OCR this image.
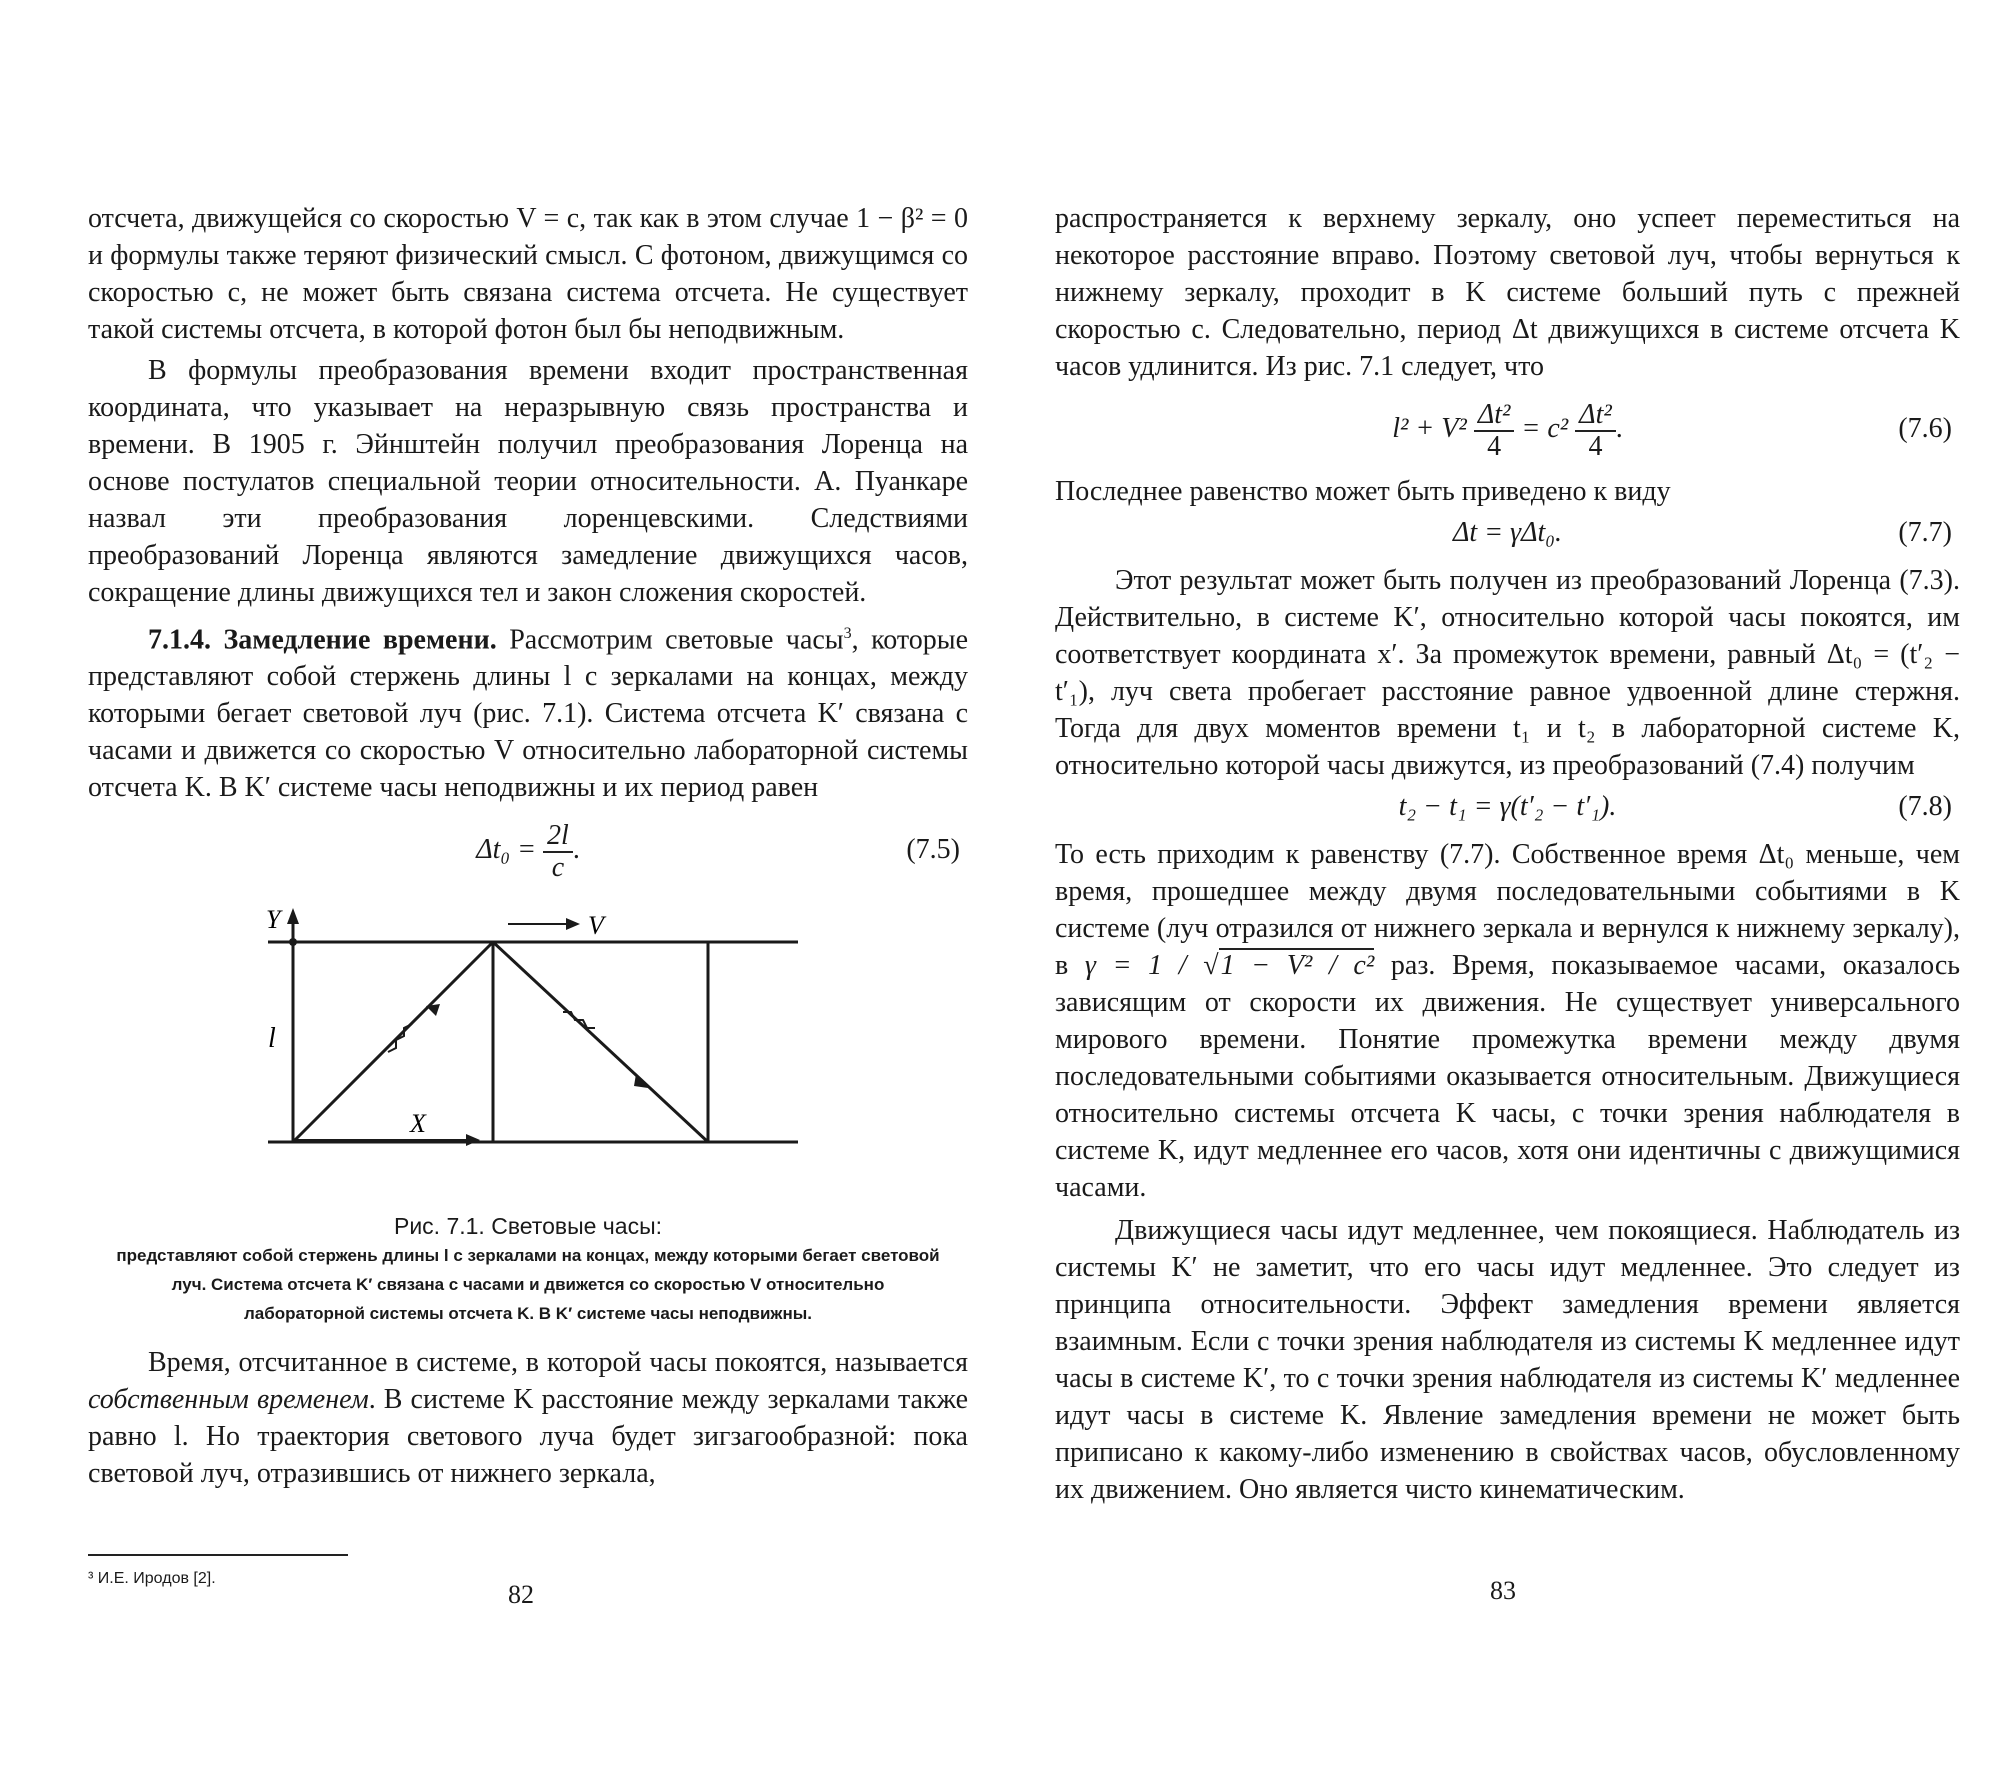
отсчета, движущейся со скоростью V = c, так как в этом случае 1 − β² = 0 и формулы также теряют физический смысл. С фотоном, движущимся со скоростью c, не может быть связана система отсчета. Не существует такой системы отсчета, в которой фотон был бы неподвижным.

В формулы преобразования времени входит пространственная координата, что указывает на неразрывную связь пространства и времени. В 1905 г. Эйнштейн получил преобразования Лоренца на основе постулатов специальной теории относительности. А. Пуанкаре назвал эти преобразования лоренцевскими. Следствиями преобразований Лоренца являются замедление движущихся часов, сокращение длины движущихся тел и закон сложения скоростей.

7.1.4. Замедление времени. Рассмотрим световые часы$^3$, которые представляют собой стержень длины l с зеркалами на концах, между которыми бегает световой луч (рис. 7.1). Система отсчета K′ связана с часами и движется со скоростью V относительно лабораторной системы отсчета K. В K′ системе часы неподвижны и их период равен

$\Delta t_0 = \frac{2l}{c}$ .	(7.5)
Y	V
l
X
Рис. 7.1. Световые часы:
представляют собой стержень длины l с зеркалами на концах, между которыми бегает световой луч. Система отсчета K′ связана с часами и движется со скоростью V относительно лабораторной системы отсчета K. В K′ системе часы неподвижны.

Время, отсчитанное в системе, в которой часы покоятся, называется собственным временем. В системе K расстояние между зеркалами также равно l. Но траектория светового луча будет зигзагообразной: пока световой луч, отразившись от нижнего зеркала,

³ И.Е. Иродов [2].
82

распространяется к верхнему зеркалу, оно успеет переместиться на некоторое расстояние вправо. Поэтому световой луч, чтобы вернуться к нижнему зеркалу, проходит в K системе больший путь с прежней скоростью c. Следовательно, период Δt движущихся в системе отсчета K часов удлинится. Из рис. 7.1 следует, что

$l^2 + V^2 \frac{\text{Δt²}}{4} = c^2 \frac{\text{Δt²}}{4}$ .	(7.6)

Последнее равенство может быть приведено к виду

Δt = γΔt₀.	(7.7)

Этот результат может быть получен из преобразований Лоренца (7.3). Действительно, в системе K′, относительно которой часы покоятся, им соответствует координата x′. За промежуток времени, равный Δt₀ = (t′₂ − t′₁), луч света пробегает расстояние равное удвоенной длине стержня. Тогда для двух моментов времени t₁ и t₂ в лабораторной системе K, относительно которой часы движутся, из преобразований (7.4) получим

t₂ − t₁ = γ(t′₂ − t′₁).	(7.8)

То есть приходим к равенству (7.7). Собственное время Δt₀ меньше, чем время, прошедшее между двумя последовательными событиями в K системе (луч отразился от нижнего зеркала и вернулся к нижнему зеркалу), в γ = 1 / √1 − V² / c² раз. Время, показываемое часами, оказалось зависящим от скорости их движения. Не существует универсального мирового времени. Понятие промежутка времени между двумя последовательными событиями оказывается относительным. Движущиеся относительно системы отсчета K часы, с точки зрения наблюдателя в системе K, идут медленнее его часов, хотя они идентичны с движущимися часами.

Движущиеся часы идут медленнее, чем покоящиеся. Наблюдатель из системы K′ не заметит, что его часы идут медленнее. Это следует из принципа относительности. Эффект замедления времени является взаимным. Если с точки зрения наблюдателя из системы K медленнее идут часы в системе K′, то с точки зрения наблюдателя из системы K′ медленнее идут часы в системе K. Явление замедления времени не может быть приписано к какому-либо изменению в свойствах часов, обусловленному их движением. Оно является чисто кинематическим.

83
